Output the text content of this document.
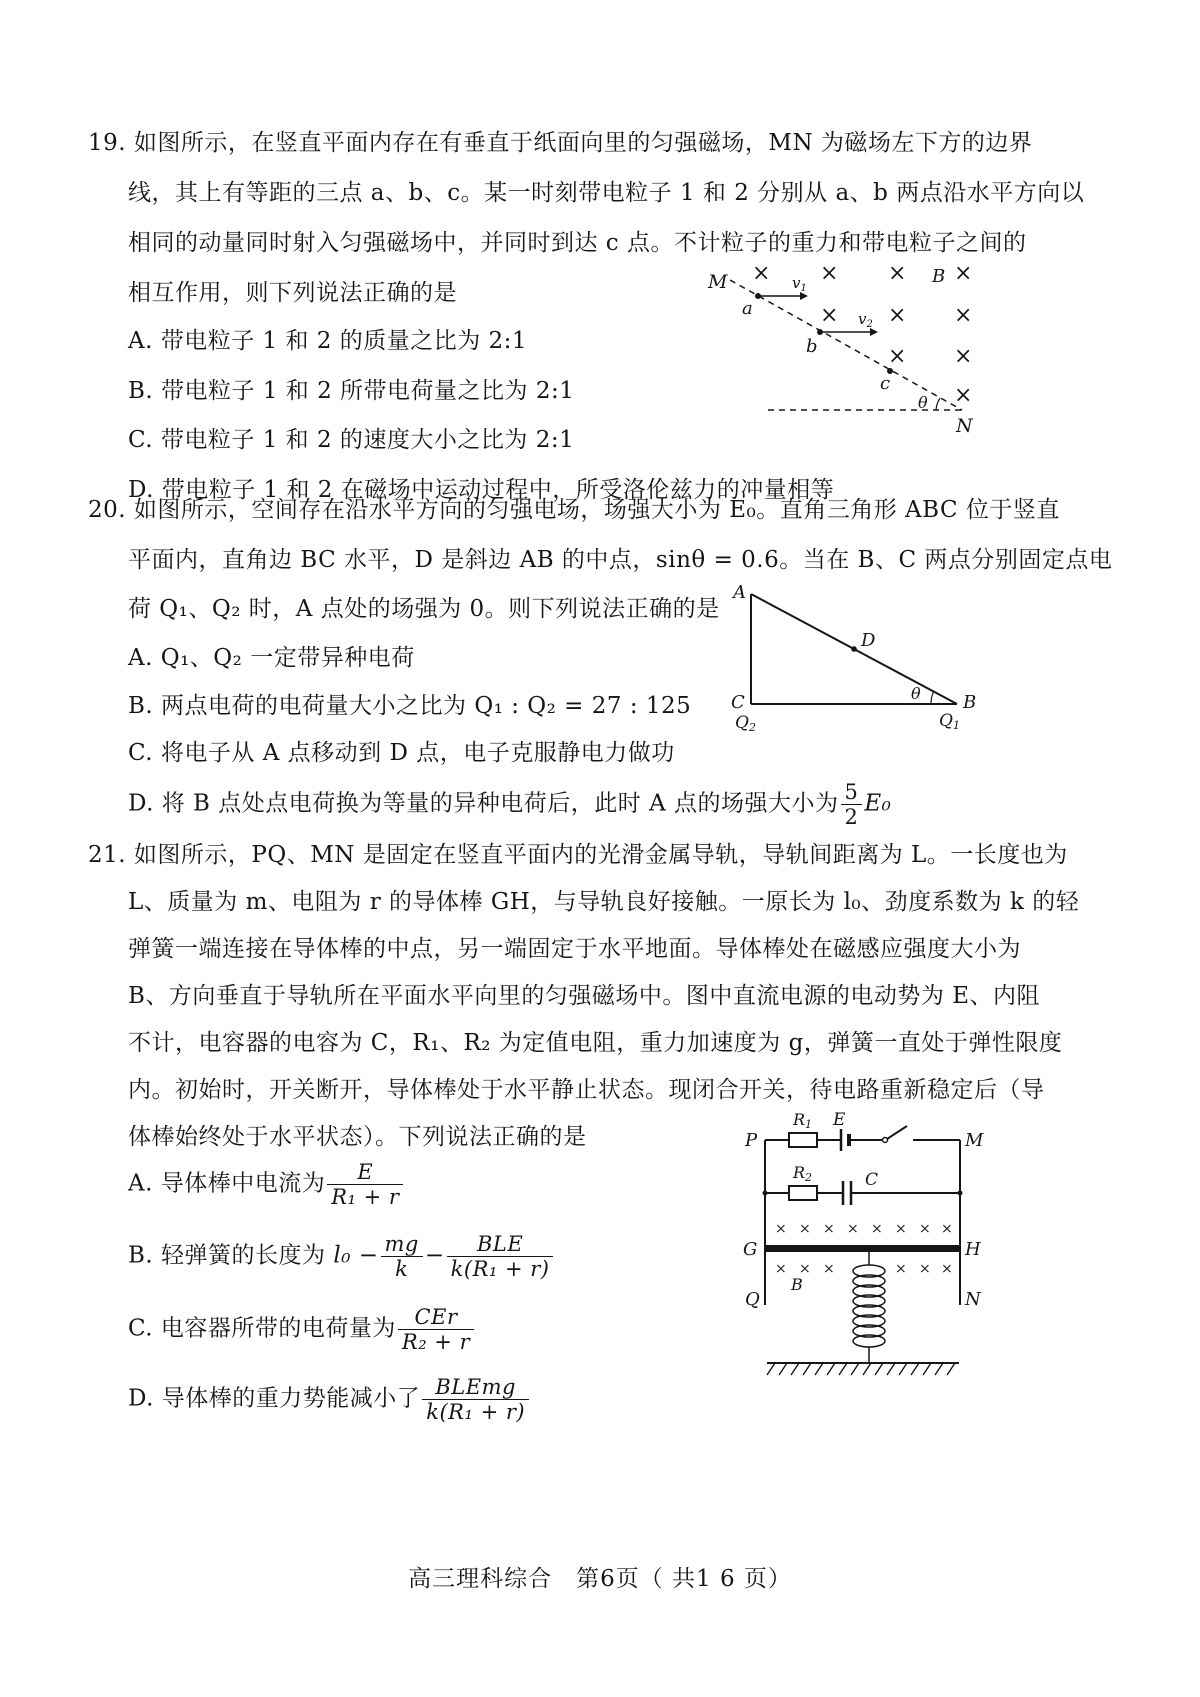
19. 如图所示，在竖直平面内存在有垂直于纸面向里的匀强磁场，MN 为磁场左下方的边界
线，其上有等距的三点 a、b、c。某一时刻带电粒子 1 和 2 分别从 a、b 两点沿水平方向以
相同的动量同时射入匀强磁场中，并同时到达 c 点。不计粒子的重力和带电粒子之间的
相互作用，则下列说法正确的是
A. 带电粒子 1 和 2 的质量之比为 2:1
B. 带电粒子 1 和 2 所带电荷量之比为 2:1
C. 带电粒子 1 和 2 的速度大小之比为 2:1
D. 带电粒子 1 和 2 在磁场中运动过程中，所受洛伦兹力的冲量相等
M
N
a
b
c
B
$v_1$
$v_2$
θ
× × × ×
× × ×
× ×
×
20. 如图所示，空间存在沿水平方向的匀强电场，场强大小为 E₀。直角三角形 ABC 位于竖直
平面内，直角边 BC 水平，D 是斜边 AB 的中点，sinθ = 0.6。当在 B、C 两点分别固定点电
荷 Q₁、Q₂ 时，A 点处的场强为 0。则下列说法正确的是
A. Q₁、Q₂ 一定带异种电荷
B. 两点电荷的电荷量大小之比为 Q₁ : Q₂ = 27 : 125
C. 将电子从 A 点移动到 D 点，电子克服静电力做功
D. 将 B 点处点电荷换为等量的异种电荷后，此时 A 点的场强大小为 $\frac{5}{2} E_0$
A
D
C	B
θ
Q2	Q1
21. 如图所示，PQ、MN 是固定在竖直平面内的光滑金属导轨，导轨间距离为 L。一长度也为
L、质量为 m、电阻为 r 的导体棒 GH，与导轨良好接触。一原长为 l₀、劲度系数为 k 的轻
弹簧一端连接在导体棒的中点，另一端固定于水平地面。导体棒处在磁感应强度大小为
B、方向垂直于导轨所在平面水平向里的匀强磁场中。图中直流电源的电动势为 E、内阻
不计，电容器的电容为 C，R₁、R₂ 为定值电阻，重力加速度为 g，弹簧一直处于弹性限度
内。初始时，开关断开，导体棒处于水平静止状态。现闭合开关，待电路重新稳定后（导
体棒始终处于水平状态）。下列说法正确的是
A. 导体棒中电流为 $\frac{E}{\text{R₁ + r}}$
B. 轻弹簧的长度为 $l_0 - \frac{mg}{k}$ −	BLE
k(R₁ + r)
C. 电容器所带的电荷量为 CEr
R₂ + r
D. 导体棒的重力势能减小了 BLEmg
k(R₁ + r)
P	M
G	H
Q	N
R1 E
R2	C
B
× × × × × × × ×
× × ×	× × ×
高三理科综合　第6页（ 共1 6 页）
